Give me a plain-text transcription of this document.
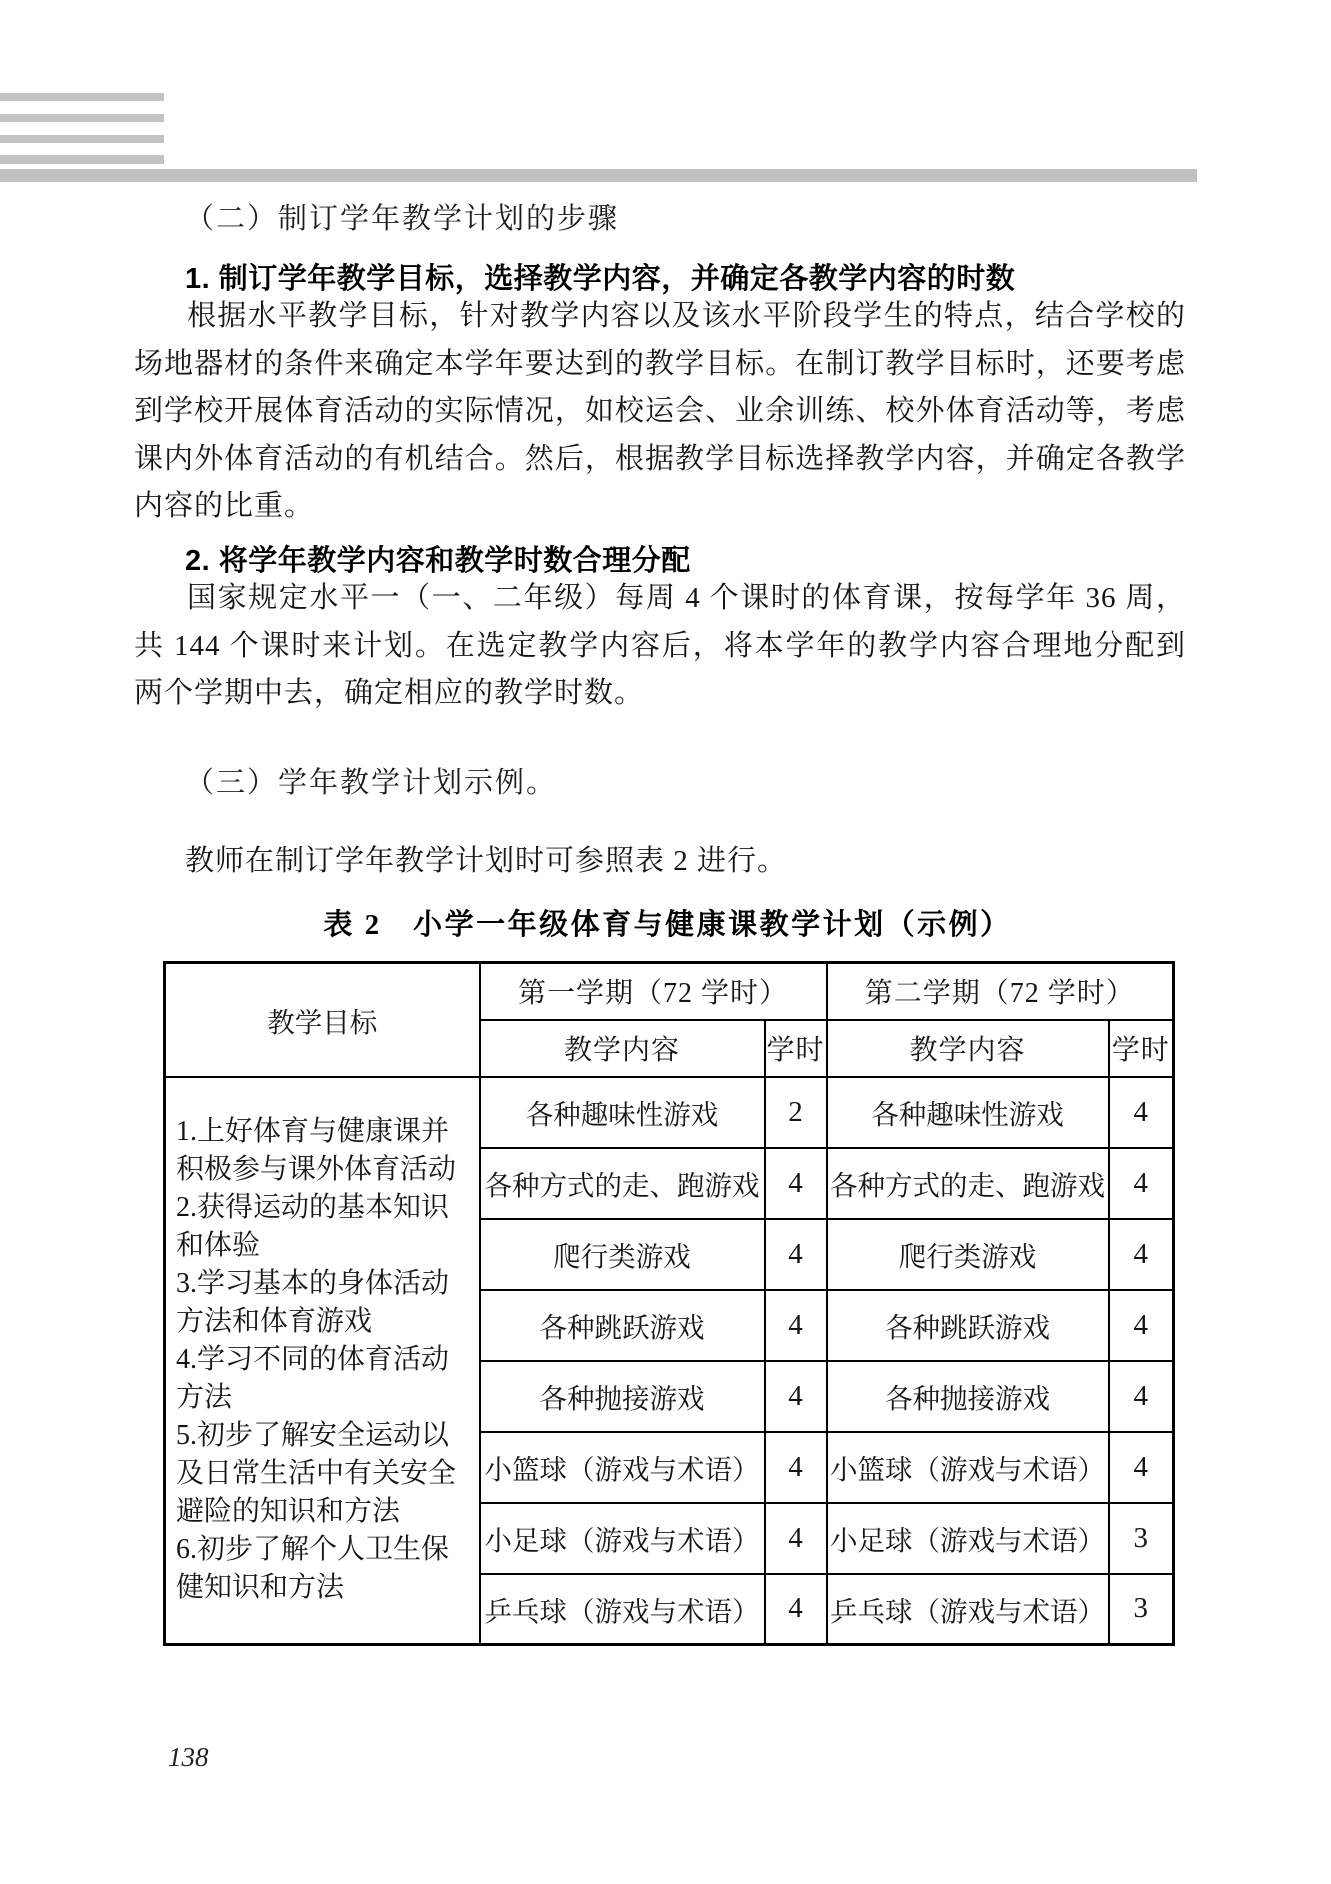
（二）制订学年教学计划的步骤
1. 制订学年教学目标，选择教学内容，并确定各教学内容的时数
根据水平教学目标，针对教学内容以及该水平阶段学生的特点，结合学校的场地器材的条件来确定本学年要达到的教学目标。在制订教学目标时，还要考虑到学校开展体育活动的实际情况，如校运会、业余训练、校外体育活动等，考虑课内外体育活动的有机结合。然后，根据教学目标选择教学内容，并确定各教学内容的比重。
2. 将学年教学内容和教学时数合理分配
国家规定水平一（一、二年级）每周 4 个课时的体育课，按每学年 36 周，共 144 个课时来计划。在选定教学内容后，将本学年的教学内容合理地分配到两个学期中去，确定相应的教学时数。
（三）学年教学计划示例。
教师在制订学年教学计划时可参照表 2 进行。
表 2　小学一年级体育与健康课教学计划（示例）
教学目标	第一学期（72 学时）		第二学期（72 学时）	
	教学内容	学时	教学内容	学时

1.上好体育与健康课并积极参与课外体育活动
2.获得运动的基本知识和体验
3.学习基本的身体活动方法和体育游戏
4.学习不同的体育活动方法
5.初步了解安全运动以及日常生活中有关安全避险的知识和方法
6.初步了解个人卫生保健知识和方法
	各种趣味性游戏	2	各种趣味性游戏	4
	各种方式的走、跑游戏	4	各种方式的走、跑游戏	4
	爬行类游戏	4	爬行类游戏	4
	各种跳跃游戏	4	各种跳跃游戏	4
	各种抛接游戏	4	各种抛接游戏	4
	小篮球（游戏与术语）	4	小篮球（游戏与术语）	4
	小足球（游戏与术语）	4	小足球（游戏与术语）	3
	乒乓球（游戏与术语）	4	乒乓球（游戏与术语）	3
138
